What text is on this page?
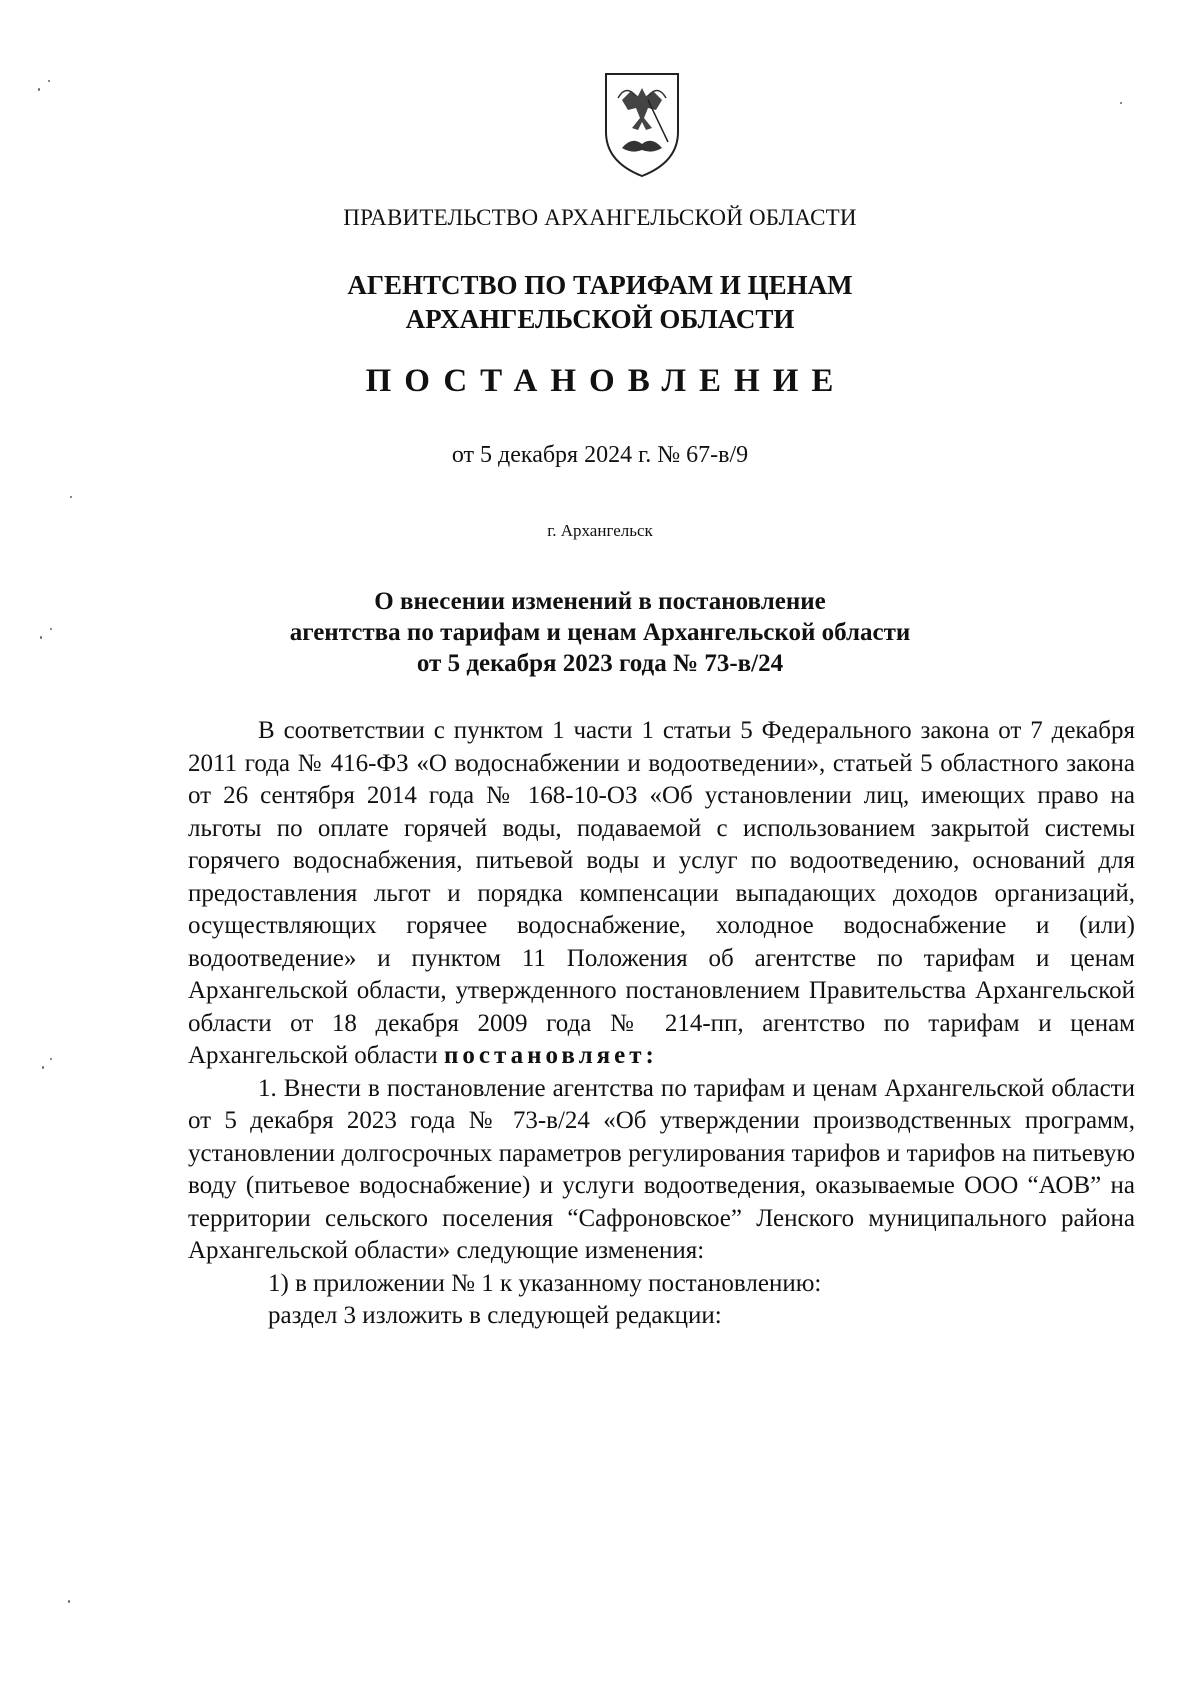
ПРАВИТЕЛЬСТВО АРХАНГЕЛЬСКОЙ ОБЛАСТИ
АГЕНТСТВО ПО ТАРИФАМ И ЦЕНАМ
АРХАНГЕЛЬСКОЙ ОБЛАСТИ
ПОСТАНОВЛЕНИЕ
от 5 декабря 2024 г. № 67-в/9
г. Архангельск
О внесении изменений в постановление
агентства по тарифам и ценам Архангельской области
от 5 декабря 2023 года № 73-в/24

В соответствии с пунктом 1 части 1 статьи 5 Федерального закона от 7 декабря 2011 года № 416-ФЗ «О водоснабжении и водоотведении», статьей 5 областного закона от 26 сентября 2014 года № 168-10-ОЗ «Об установлении лиц, имеющих право на льготы по оплате горячей воды, подаваемой с использованием закрытой системы горячего водоснабжения, питьевой воды и услуг по водоотведению, оснований для предоставления льгот и порядка компенсации выпадающих доходов организаций, осуществляющих горячее водоснабжение, холодное водоснабжение и (или) водоотведение» и пунктом 11 Положения об агентстве по тарифам и ценам Архангельской области, утвержденного постановлением Правительства Архангельской области от 18 декабря 2009 года № 214-пп, агентство по тарифам и ценам Архангельской области постановляет:

1. Внести в постановление агентства по тарифам и ценам Архангельской области от 5 декабря 2023 года № 73-в/24 «Об утверждении производственных программ, установлении долгосрочных параметров регулирования тарифов и тарифов на питьевую воду (питьевое водоснабжение) и услуги водоотведения, оказываемые ООО “АОВ” на территории сельского поселения “Сафроновское” Ленского муниципального района Архангельской области» следующие изменения:

1) в приложении № 1 к указанному постановлению:

раздел 3 изложить в следующей редакции:
